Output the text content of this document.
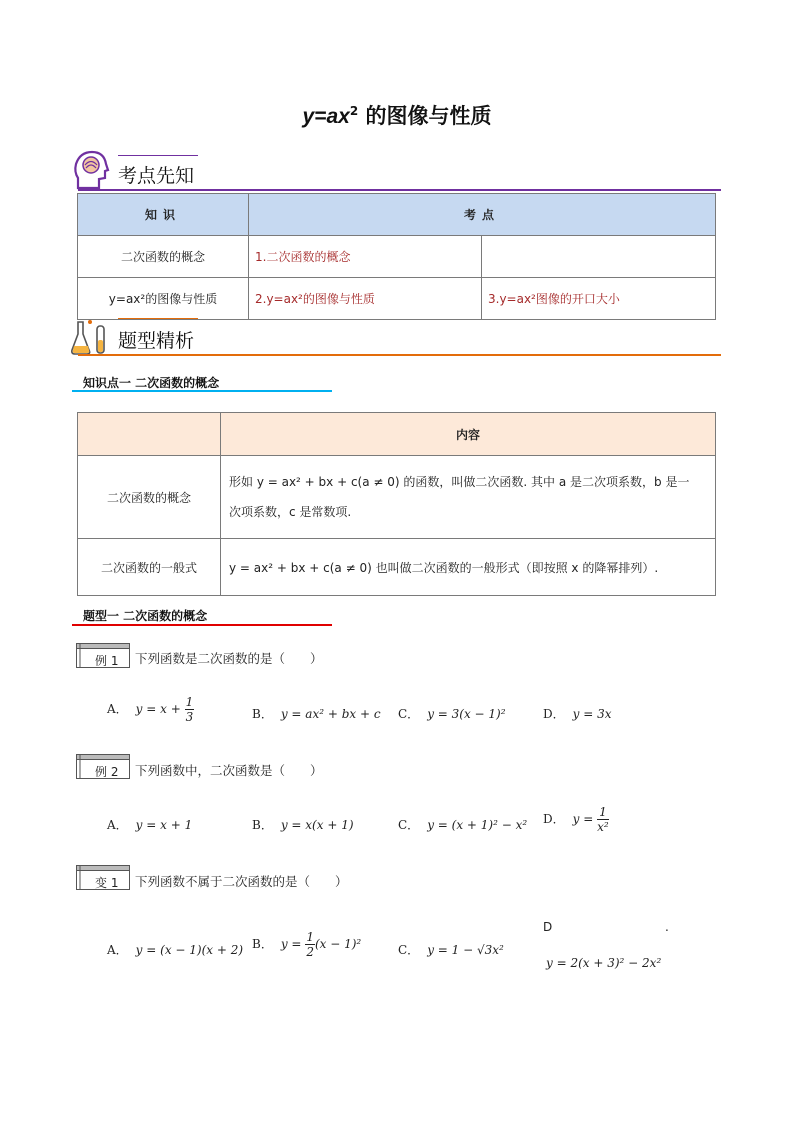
$y=ax^2$ 的图像与性质
考点先知
知识	考点	
二次函数的概念	1.二次函数的概念	
y=ax²的图像与性质	2.y=ax²的图像与性质	3.y=ax²图像的开口大小
题型精析
知识点一 二次函数的概念
	内容
二次函数的概念	形如 y = ax² + bx + c(a ≠ 0) 的函数，叫做二次函数. 其中 a 是二次项系数，b 是一
次项系数，c 是常数项.
二次函数的一般式	y = ax² + bx + c(a ≠ 0) 也叫做二次函数的一般形式（即按照 x 的降幂排列）.
题型一 二次函数的概念
例 1 下列函数是二次函数的是（　　）
A． $y = x + \frac{1}{3}$	B． y = ax² + bx + c C． y = 3(x − 1)²	D． y = 3x
例 2 下列函数中，二次函数是（　　）
A． y = x + 1	B． y = x(x + 1)	C． y = (x + 1)² − x² D． $y = \frac{1}{\text{x²}}$
变 1 下列函数不属于二次函数的是（　　）
A． y = (x − 1)(x + 2) B． $y = \frac{1}{2} (x - 1)^2$	C． y = 1 − √3x²
D	.
y = 2(x + 3)² − 2x²
